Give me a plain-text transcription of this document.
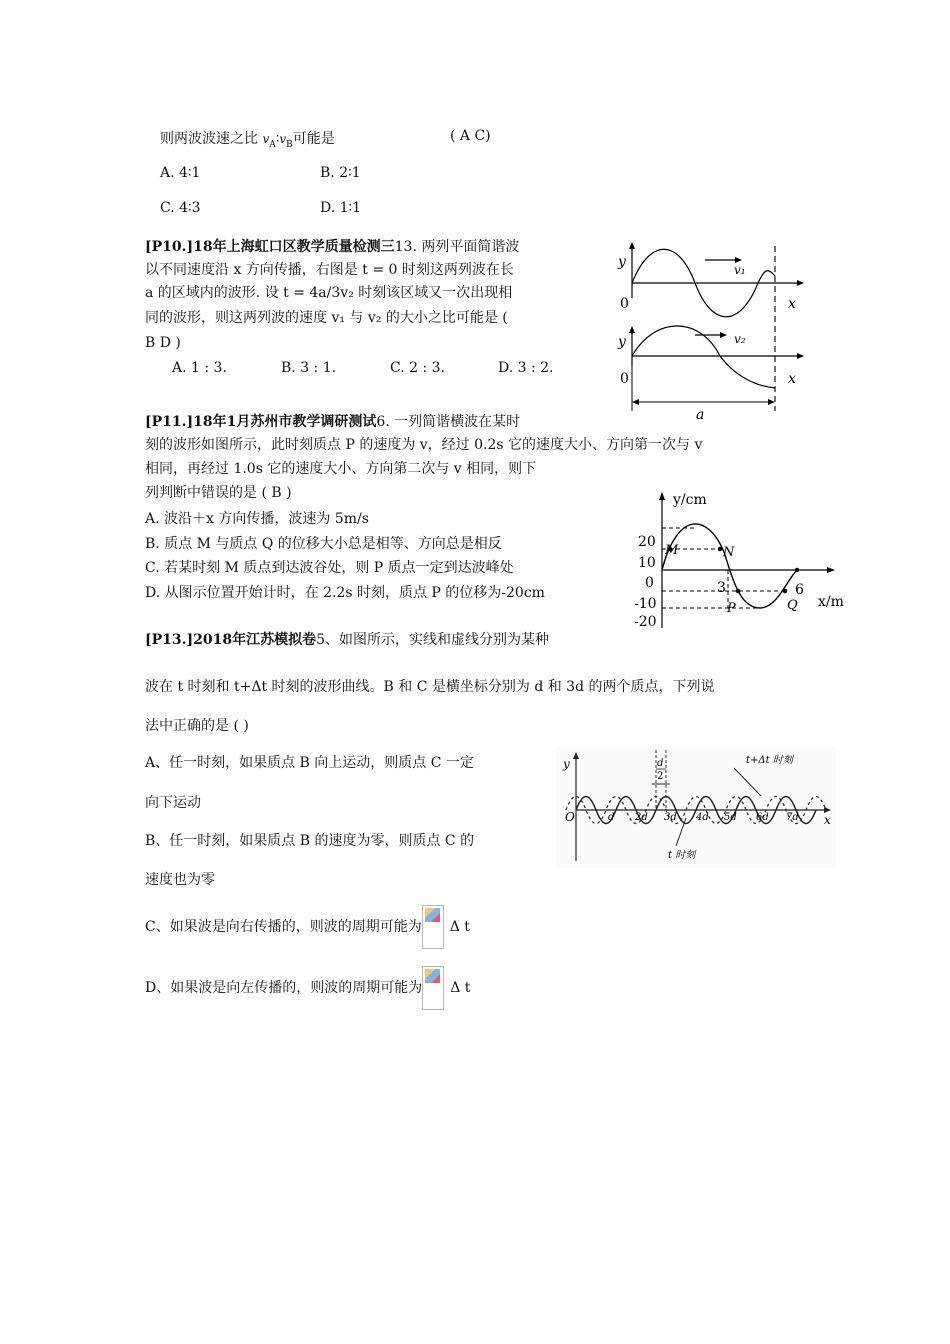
则两波波速之比 $v_A∶v_B$可能是	( A C)
A. 4∶1	B. 2∶1
C. 4∶3	D. 1∶1
[P10.]18年上海虹口区教学质量检测三13. 两列平面简谐波
以不同速度沿 x 方向传播，右图是 t = 0 时刻这两列波在长
a 的区域内的波形. 设 t = 4a/3v₂ 时刻该区域又一次出现相
同的波形，则这两列波的速度 v₁ 与 v₂ 的大小之比可能是 (
B D )
A. 1 : 3.	B. 3 : 1.	C. 2 : 3.	D. 3 : 2.
y
0	x
v₁
y
0	x
v₂
a
[P11.]18年1月苏州市教学调研测试6. 一列简谐横波在某时
刻的波形如图所示，此时刻质点 P 的速度为 v，经过 0.2s 它的速度大小、方向第一次与 v
相同，再经过 1.0s 它的速度大小、方向第二次与 v 相同，则下
列判断中错误的是 ( B )
A. 波沿＋x 方向传播，波速为 5m/s
B. 质点 M 与质点 Q 的位移大小总是相等、方向总是相反
C. 若某时刻 M 质点到达波谷处，则 P 质点一定到达波峰处
D. 从图示位置开始计时，在 2.2s 时刻，质点 P 的位移为-20cm
y/cm
x/m
20
10
0
-10
-20
3	6
M	N
P	Q
[P13.]2018年江苏模拟卷5、如图所示，实线和虚线分别为某种
波在 t 时刻和 t+Δt 时刻的波形曲线。B 和 C 是横坐标分别为 d 和 3d 的两个质点，下列说
法中正确的是 ( )
A、任一时刻，如果质点 B 向上运动，则质点 C 一定
向下运动
B、任一时刻，如果质点 B 的速度为零，则质点 C 的
速度也为零
C、如果波是向右传播的，则波的周期可能为 Δ t
D、如果波是向左传播的，则波的周期可能为 Δ t
y
O	x
d
2
t+Δt 时刻
t 时刻
d 2d 3d 4d 5d 6d 7d
